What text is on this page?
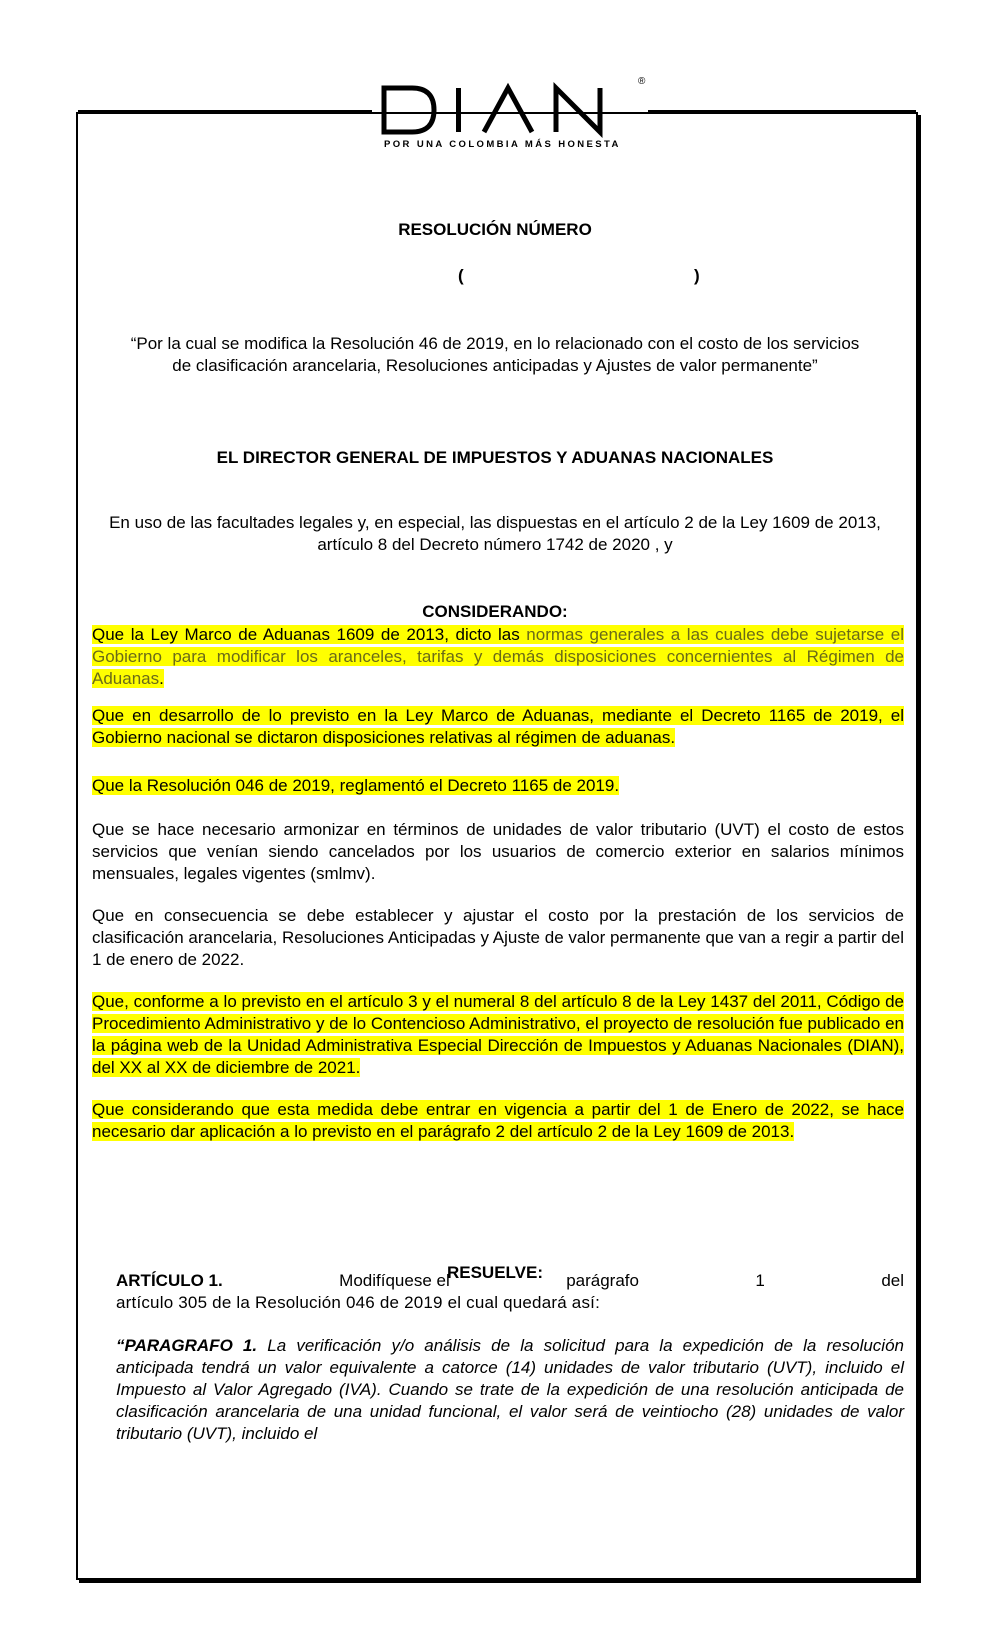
®
POR UNA COLOMBIA MÁS HONESTA
RESOLUCIÓN NÚMERO
(	)
“Por la cual se modifica la Resolución 46 de 2019, en lo relacionado con el costo de los servicios de clasificación arancelaria, Resoluciones anticipadas y Ajustes de valor permanente”
EL DIRECTOR GENERAL DE IMPUESTOS Y ADUANAS NACIONALES
En uso de las facultades legales y, en especial, las dispuestas en el artículo 2 de la Ley 1609 de 2013, artículo 8 del Decreto número 1742 de 2020 , y
CONSIDERANDO:
Que la Ley Marco de Aduanas 1609 de 2013, dicto las normas generales a las cuales debe sujetarse el Gobierno para modificar los aranceles, tarifas y demás disposiciones concernientes al Régimen de Aduanas.
Que en desarrollo de lo previsto en la Ley Marco de Aduanas, mediante el Decreto 1165 de 2019, el Gobierno nacional se dictaron disposiciones relativas al régimen de aduanas.
Que la Resolución 046 de 2019, reglamentó el Decreto 1165 de 2019.
Que se hace necesario armonizar en términos de unidades de valor tributario (UVT) el costo de estos servicios que venían siendo cancelados por los usuarios de comercio exterior en salarios mínimos mensuales, legales vigentes (smlmv).
Que en consecuencia se debe establecer y ajustar el costo por la prestación de los servicios de clasificación arancelaria, Resoluciones Anticipadas y Ajuste de valor permanente que van a regir a partir del 1 de enero de 2022.
Que, conforme a lo previsto en el artículo 3 y el numeral 8 del artículo 8 de la Ley 1437 del 2011, Código de Procedimiento Administrativo y de lo Contencioso Administrativo, el proyecto de resolución fue publicado en la página web de la Unidad Administrativa Especial Dirección de Impuestos y Aduanas Nacionales (DIAN), del XX al XX de diciembre de 2021.
Que considerando que esta medida debe entrar en vigencia a partir del 1 de Enero de 2022, se hace necesario dar aplicación a lo previsto en el parágrafo 2 del artículo 2 de la Ley 1609 de 2013.
RESUELVE:
ARTÍCULO 1.	Modifíquese el	parágrafo	1	del
artículo 305 de la Resolución 046 de 2019 el cual quedará así:
“PARAGRAFO 1. La verificación y/o análisis de la solicitud para la expedición de la resolución anticipada tendrá un valor equivalente a catorce (14) unidades de valor tributario (UVT), incluido el Impuesto al Valor Agregado (IVA). Cuando se trate de la expedición de una resolución anticipada de clasificación arancelaria de una unidad funcional, el valor será de veintiocho (28) unidades de valor tributario (UVT), incluido el
